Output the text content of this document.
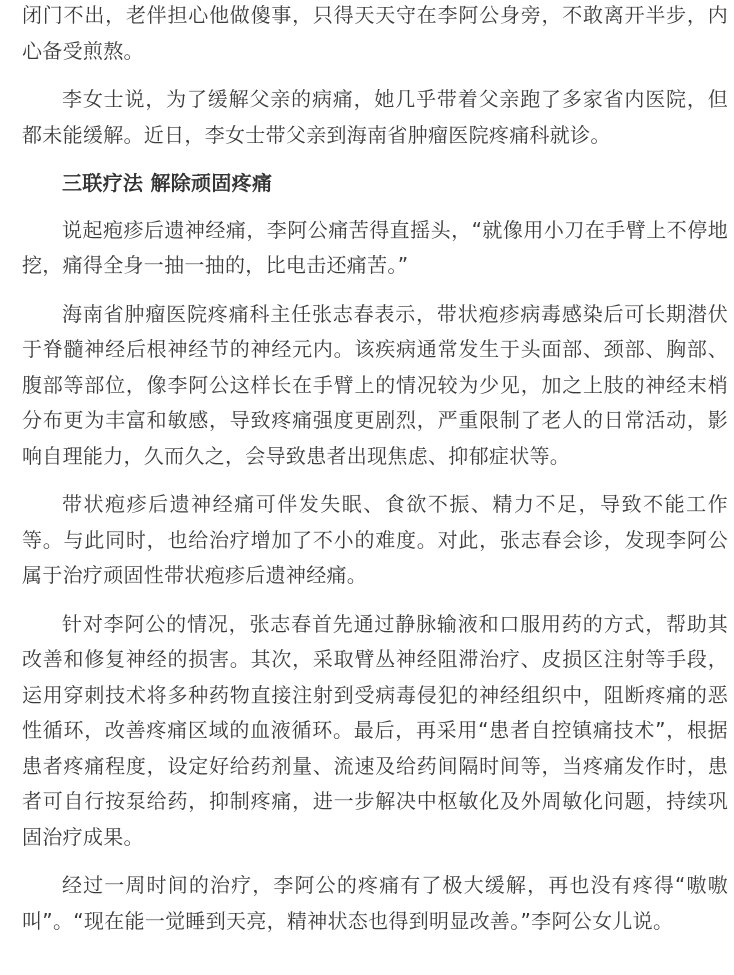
闭门不出，老伴担心他做傻事，只得天天守在李阿公身旁，不敢离开半步，内心备受煎熬。

李女士说，为了缓解父亲的病痛，她几乎带着父亲跑了多家省内医院，但都未能缓解。近日，李女士带父亲到海南省肿瘤医院疼痛科就诊。

三联疗法 解除顽固疼痛

说起疱疹后遗神经痛，李阿公痛苦得直摇头，“就像用小刀在手臂上不停地挖，痛得全身一抽一抽的，比电击还痛苦。”

海南省肿瘤医院疼痛科主任张志春表示，带状疱疹病毒感染后可长期潜伏于脊髓神经后根神经节的神经元内。该疾病通常发生于头面部、颈部、胸部、腹部等部位，像李阿公这样长在手臂上的情况较为少见，加之上肢的神经末梢分布更为丰富和敏感，导致疼痛强度更剧烈，严重限制了老人的日常活动，影响自理能力，久而久之，会导致患者出现焦虑、抑郁症状等。

带状疱疹后遗神经痛可伴发失眠、食欲不振、精力不足，导致不能工作等。与此同时，也给治疗增加了不小的难度。对此，张志春会诊，发现李阿公属于治疗顽固性带状疱疹后遗神经痛。

针对李阿公的情况，张志春首先通过静脉输液和口服用药的方式，帮助其改善和修复神经的损害。其次，采取臂丛神经阻滞治疗、皮损区注射等手段，运用穿刺技术将多种药物直接注射到受病毒侵犯的神经组织中，阻断疼痛的恶性循环，改善疼痛区域的血液循环。最后，再采用“患者自控镇痛技术”，根据患者疼痛程度，设定好给药剂量、流速及给药间隔时间等，当疼痛发作时，患者可自行按泵给药，抑制疼痛，进一步解决中枢敏化及外周敏化问题，持续巩固治疗成果。

经过一周时间的治疗，李阿公的疼痛有了极大缓解，再也没有疼得“嗷嗷叫”。“现在能一觉睡到天亮，精神状态也得到明显改善。”李阿公女儿说。
